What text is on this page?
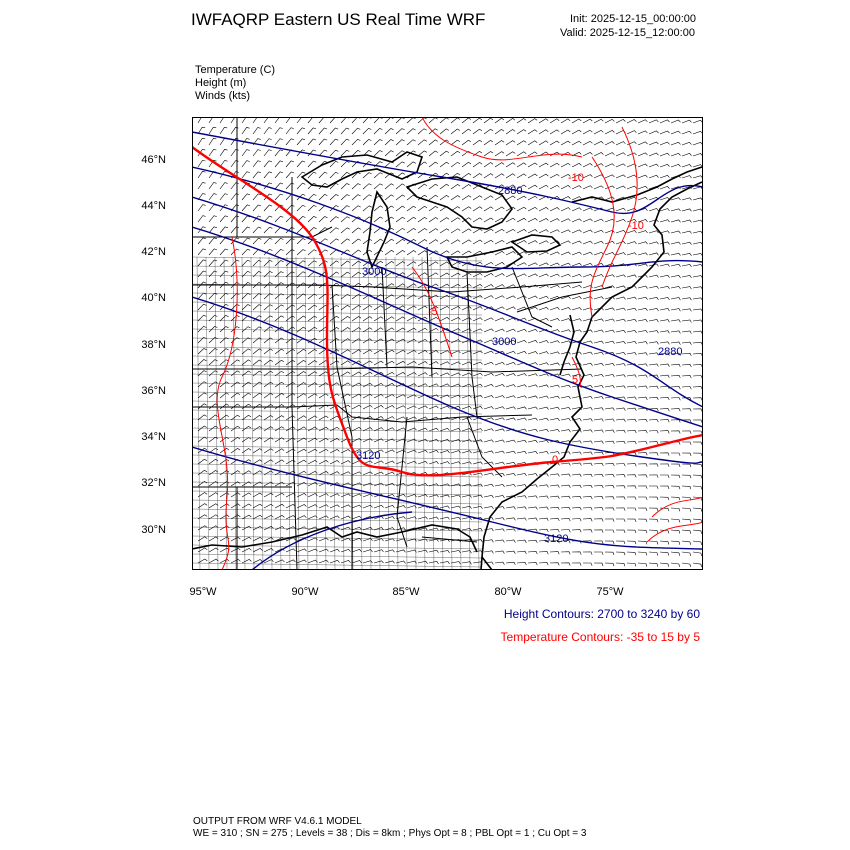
IWFAQRP Eastern US Real Time WRF	Init: 2025-12-15_00:00:00
Valid: 2025-12-15_12:00:00
Temperature (C)
Height (m)
Winds (kts)
46°N
44°N
42°N
40°N
38°N
36°N
34°N
32°N
30°N
95°W	90°W	85°W	80°W	75°W
2880
3000
3000
2880
3120
3120
-10
-5
0
5
-10
Height Contours: 2700 to 3240 by 60
Temperature Contours: -35 to 15 by 5
OUTPUT FROM WRF V4.6.1 MODEL
WE = 310 ; SN = 275 ; Levels = 38 ; Dis = 8km ; Phys Opt = 8 ; PBL Opt = 1 ; Cu Opt = 3
